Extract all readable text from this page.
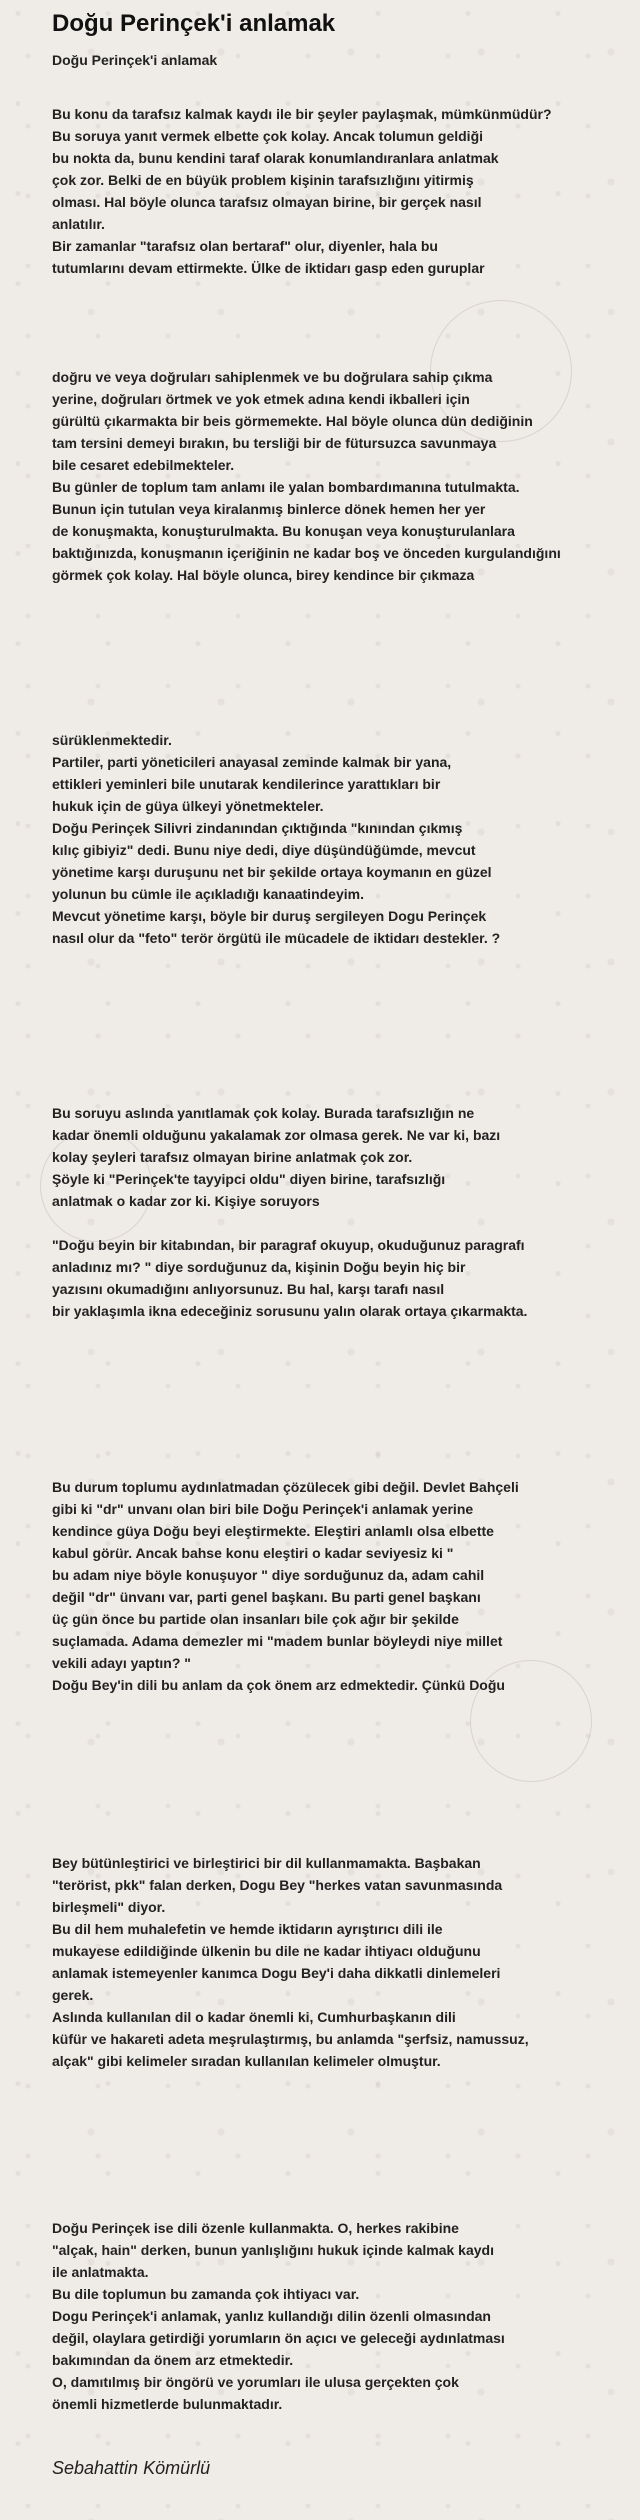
Doğu Perinçek'i anlamak
Doğu Perinçek'i anlamak
Bu konu da tarafsız kalmak kaydı ile bir şeyler paylaşmak, mümkünmüdür?
Bu soruya yanıt vermek elbette çok kolay. Ancak tolumun geldiği
bu nokta da, bunu kendini taraf olarak konumlandıranlara anlatmak
çok zor. Belki de en büyük problem kişinin tarafsızlığını yitirmiş
olması. Hal böyle olunca tarafsız olmayan birine, bir gerçek nasıl
anlatılır.
Bir zamanlar "tarafsız olan bertaraf" olur, diyenler, hala bu
tutumlarını devam ettirmekte. Ülke de iktidarı gasp eden guruplar
doğru ve veya doğruları sahiplenmek ve bu doğrulara sahip çıkma
yerine, doğruları örtmek ve yok etmek adına kendi ikballeri için
gürültü çıkarmakta bir beis görmemekte. Hal böyle olunca dün dediğinin
tam tersini demeyi bırakın, bu tersliği bir de fütursuzca savunmaya
bile cesaret edebilmekteler.
Bu günler de toplum tam anlamı ile yalan bombardımanına tutulmakta.
Bunun için tutulan veya kiralanmış binlerce dönek hemen her yer
de konuşmakta, konuşturulmakta. Bu konuşan veya konuşturulanlara
baktığınızda, konuşmanın içeriğinin ne kadar boş ve önceden kurgulandığını
görmek çok kolay. Hal böyle olunca, birey kendince bir çıkmaza
sürüklenmektedir.
Partiler, parti yöneticileri anayasal zeminde kalmak bir yana,
ettikleri yeminleri bile unutarak kendilerince yarattıkları bir
hukuk için de güya ülkeyi yönetmekteler.
Doğu Perinçek Silivri zindanından çıktığında "kınından çıkmış
kılıç gibiyiz" dedi. Bunu niye dedi, diye düşündüğümde, mevcut
yönetime karşı duruşunu net bir şekilde ortaya koymanın en güzel
yolunun bu cümle ile açıkladığı kanaatindeyim.
Mevcut yönetime karşı, böyle bir duruş sergileyen Dogu Perinçek
nasıl olur da "feto" terör örgütü ile mücadele de iktidarı destekler. ?
Bu soruyu aslında yanıtlamak çok kolay. Burada tarafsızlığın ne
kadar önemli olduğunu yakalamak zor olmasa gerek. Ne var ki, bazı
kolay şeyleri tarafsız olmayan birine anlatmak çok zor.
Şöyle ki "Perinçek'te tayyipci oldu" diyen birine, tarafsızlığı
anlatmak o kadar zor ki. Kişiye soruyors

"Doğu beyin bir kitabından, bir paragraf okuyup, okuduğunuz paragrafı
anladınız mı? " diye sorduğunuz da, kişinin Doğu beyin hiç bir
yazısını okumadığını anlıyorsunuz. Bu hal, karşı tarafı nasıl
bir yaklaşımla ikna edeceğiniz sorusunu yalın olarak ortaya çıkarmakta.
Bu durum toplumu aydınlatmadan çözülecek gibi değil. Devlet Bahçeli
gibi ki "dr" unvanı olan biri bile Doğu Perinçek'i anlamak yerine
kendince güya Doğu beyi eleştirmekte. Eleştiri anlamlı olsa elbette
kabul görür. Ancak bahse konu eleştiri o kadar seviyesiz ki "
bu adam niye böyle konuşuyor " diye sorduğunuz da, adam cahil
değil "dr" ünvanı var, parti genel başkanı. Bu parti genel başkanı
üç gün önce bu partide olan insanları bile çok ağır bir şekilde
suçlamada. Adama demezler mi "madem bunlar böyleydi niye millet
vekili adayı yaptın? "
Doğu Bey'in dili bu anlam da çok önem arz edmektedir. Çünkü Doğu
Bey bütünleştirici ve birleştirici bir dil kullanmamakta. Başbakan
"terörist, pkk" falan derken, Dogu Bey "herkes vatan savunmasında
birleşmeli" diyor.
Bu dil hem muhalefetin ve hemde iktidarın ayrıştırıcı dili ile
mukayese edildiğinde ülkenin bu dile ne kadar ihtiyacı olduğunu
anlamak istemeyenler kanımca Dogu Bey'i daha dikkatli dinlemeleri
gerek.
Aslında kullanılan dil o kadar önemli ki, Cumhurbaşkanın dili
küfür ve hakareti adeta meşrulaştırmış, bu anlamda "şerfsiz, namussuz,
alçak" gibi kelimeler sıradan kullanılan kelimeler olmuştur.
Doğu Perinçek ise dili özenle kullanmakta. O, herkes rakibine
"alçak, hain" derken, bunun yanlışlığını hukuk içinde kalmak kaydı
ile anlatmakta.
Bu dile toplumun bu zamanda çok ihtiyacı var.
Dogu Perinçek'i anlamak, yanlız kullandığı dilin özenli olmasından
değil, olaylara getirdiği yorumların ön açıcı ve geleceği aydınlatması
bakımından da önem arz etmektedir.
O, damıtılmış bir öngörü ve yorumları ile ulusa gerçekten çok
önemli hizmetlerde bulunmaktadır.
Sebahattin Kömürlü
